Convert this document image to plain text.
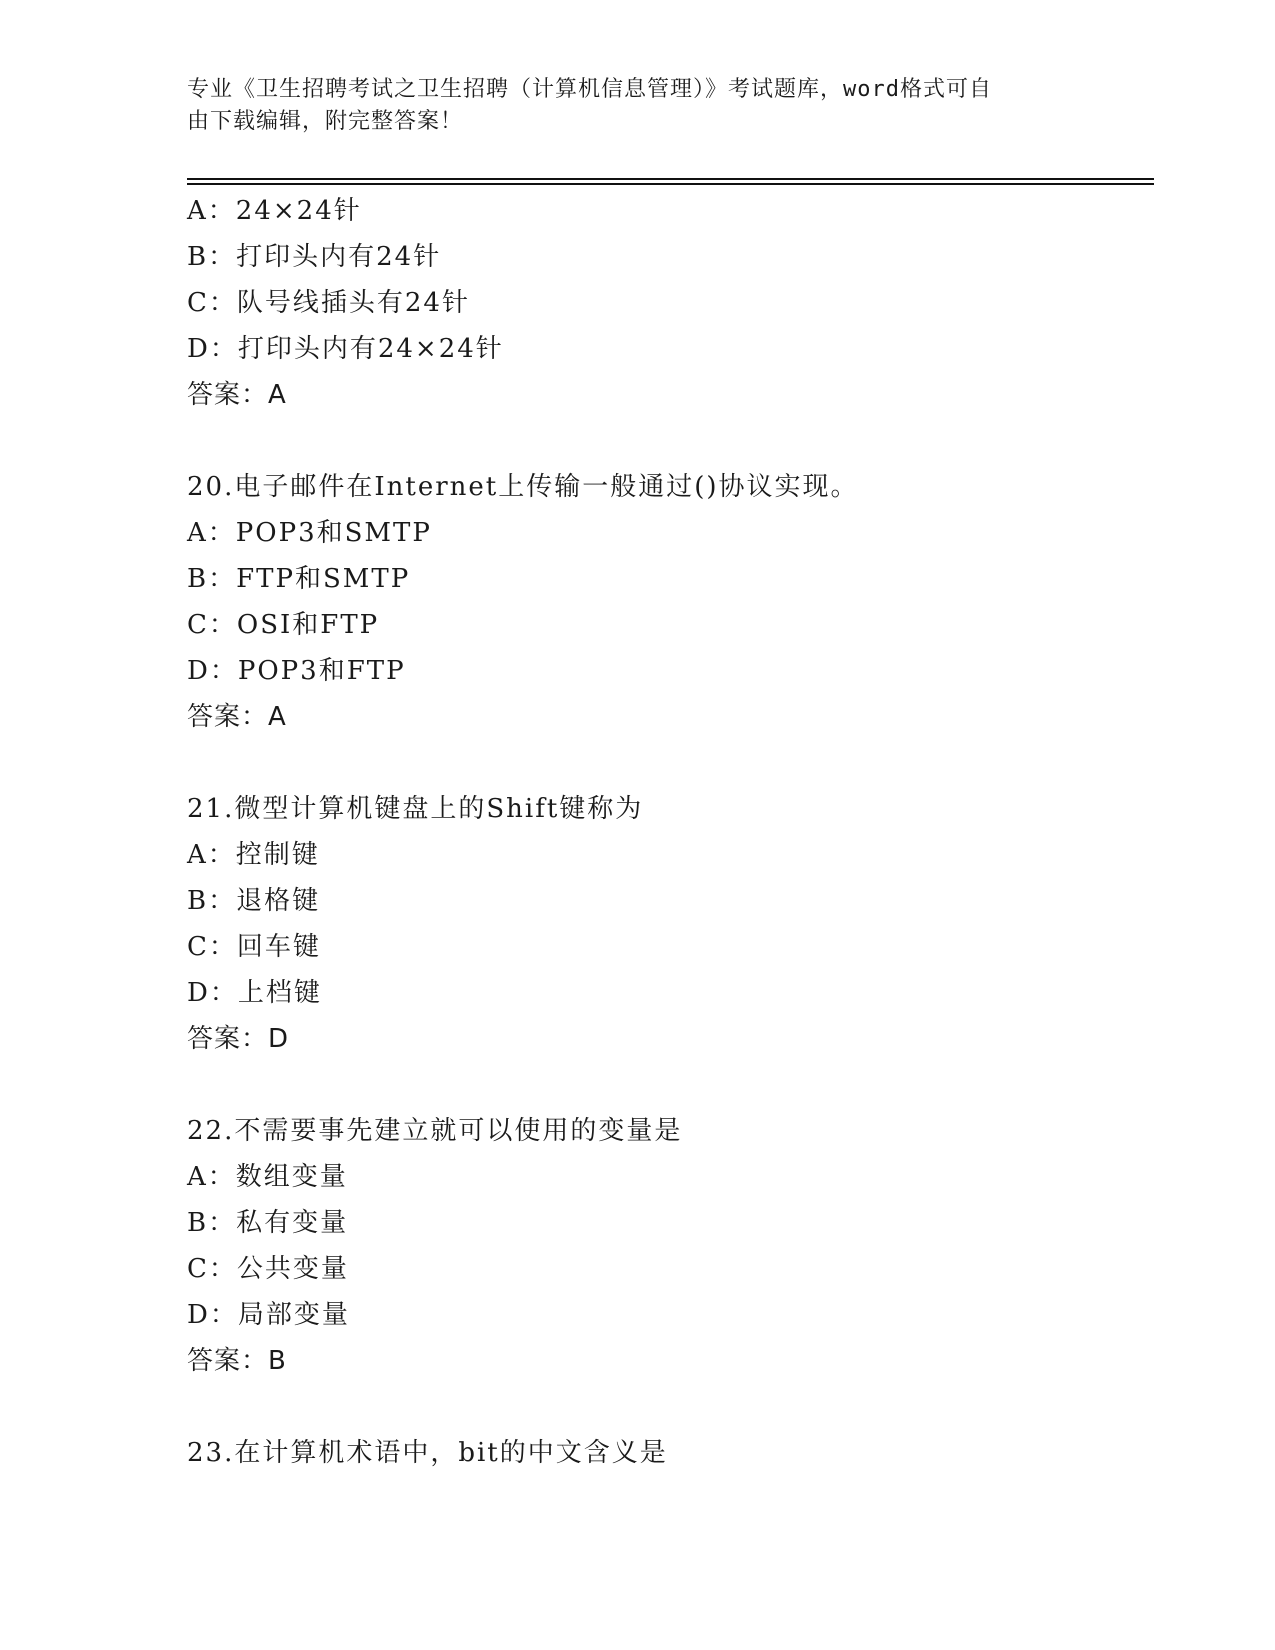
专业《卫生招聘考试之卫生招聘（计算机信息管理）》考试题库，word格式可自
由下载编辑，附完整答案！
A：24×24针
B：打印头内有24针
C：队号线插头有24针
D：打印头内有24×24针
答案：A
20.电子邮件在Internet上传输一般通过()协议实现。
A：POP3和SMTP
B：FTP和SMTP
C：OSI和FTP
D：POP3和FTP
答案：A
21.微型计算机键盘上的Shift键称为
A：控制键
B：退格键
C：回车键
D：上档键
答案：D
22.不需要事先建立就可以使用的变量是
A：数组变量
B：私有变量
C：公共变量
D：局部变量
答案：B
23.在计算机术语中，bit的中文含义是
